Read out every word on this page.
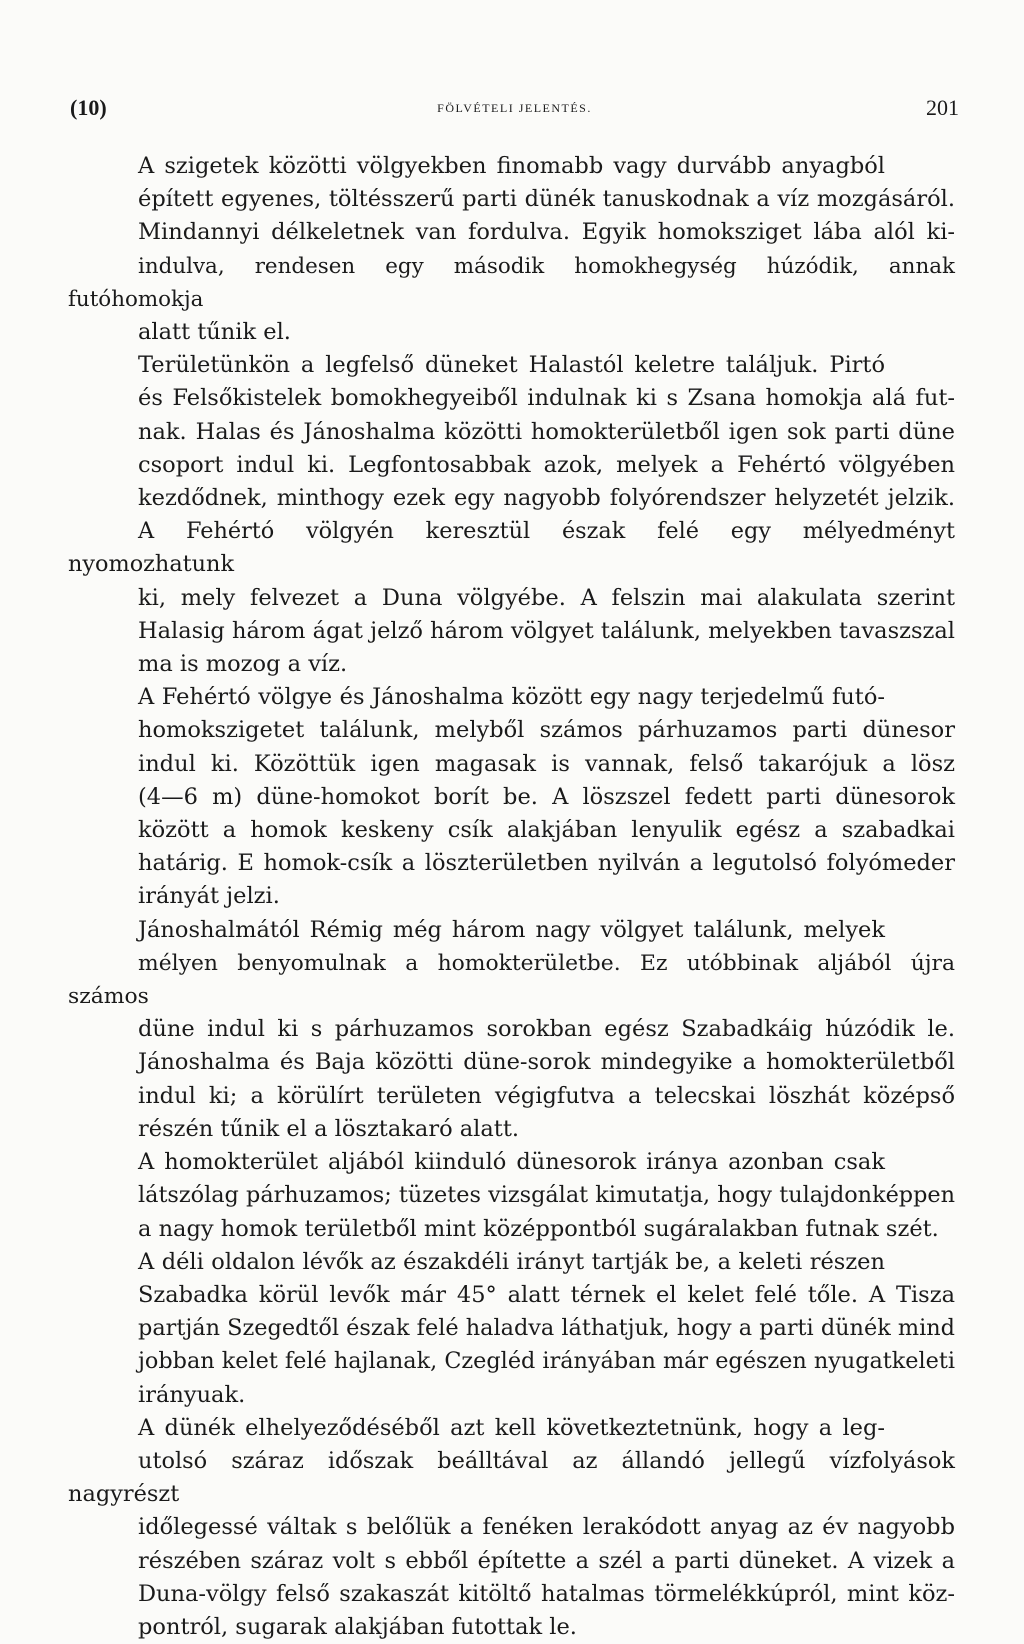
(10)	FÖLVÉTELI JELENTÉS.	201

A szigetek közötti völgyekben finomabb vagy durvább anyagból
épített egyenes, töltésszerű parti dünék tanuskodnak a víz mozgásáról.
Mindannyi délkeletnek van fordulva. Egyik homoksziget lába alól ki-
indulva, rendesen egy második homokhegység húzódik, annak futóhomokja
alatt tűnik el.

Területünkön a legfelső düneket Halastól keletre találjuk. Pirtó
és Felsőkistelek bomokhegyeiből indulnak ki s Zsana homokja alá fut-
nak. Halas és Jánoshalma közötti homokterületből igen sok parti düne
csoport indul ki. Legfontosabbak azok, melyek a Fehértó völgyében
kezdődnek, minthogy ezek egy nagyobb folyórendszer helyzetét jelzik.
A Fehértó völgyén keresztül észak felé egy mélyedményt nyomozhatunk
ki, mely felvezet a Duna völgyébe. A felszin mai alakulata szerint
Halasig három ágat jelző három völgyet találunk, melyekben tavaszszal
ma is mozog a víz.

A Fehértó völgye és Jánoshalma között egy nagy terjedelmű futó-
homokszigetet találunk, melyből számos párhuzamos parti dünesor
indul ki. Közöttük igen magasak is vannak, felső takarójuk a lösz
(4—6 m) düne-homokot borít be. A löszszel fedett parti dünesorok
között a homok keskeny csík alakjában lenyulik egész a szabadkai
határig. E homok-csík a löszterületben nyilván a legutolsó folyómeder
irányát jelzi.

Jánoshalmától Rémig még három nagy völgyet találunk, melyek
mélyen benyomulnak a homokterületbe. Ez utóbbinak aljából újra számos
düne indul ki s párhuzamos sorokban egész Szabadkáig húzódik le.
Jánoshalma és Baja közötti düne-sorok mindegyike a homokterületből
indul ki; a körülírt területen végigfutva a telecskai löszhát középső
részén tűnik el a lösztakaró alatt.

A homokterület aljából kiinduló dünesorok iránya azonban csak
látszólag párhuzamos; tüzetes vizsgálat kimutatja, hogy tulajdonképpen
a nagy homok területből mint középpontból sugáralakban futnak szét.

A déli oldalon lévők az északdéli irányt tartják be, a keleti részen
Szabadka körül levők már 45° alatt térnek el kelet felé tőle. A Tisza
partján Szegedtől észak felé haladva láthatjuk, hogy a parti dünék mind
jobban kelet felé hajlanak, Czegléd irányában már egészen nyugatkeleti
irányuak.

A dünék elhelyeződéséből azt kell következtetnünk, hogy a leg-
utolsó száraz időszak beálltával az állandó jellegű vízfolyások nagyrészt
időlegessé váltak s belőlük a fenéken lerakódott anyag az év nagyobb
részében száraz volt s ebből építette a szél a parti düneket. A vizek a
Duna-völgy felső szakaszát kitöltő hatalmas törmelékkúpról, mint köz-
pontról, sugarak alakjában futottak le.
